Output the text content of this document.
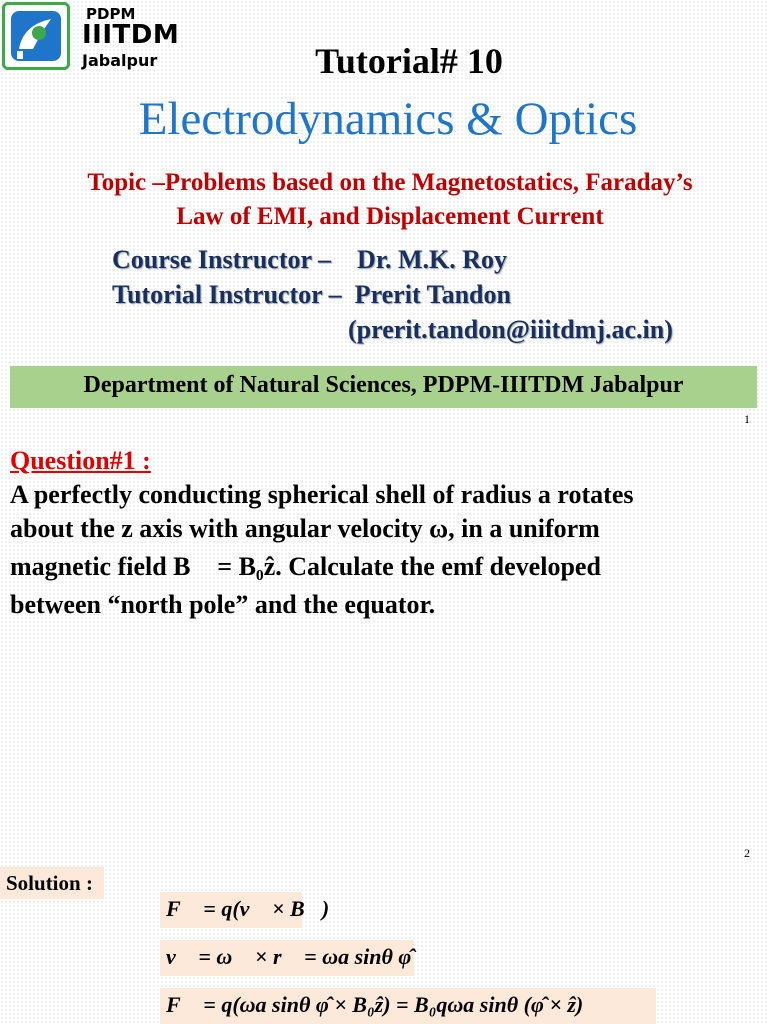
PDPM
IIITDM
Jabalpur	Tutorial# 10
Electrodynamics & Optics
Topic –Problems based on the Magnetostatics, Faraday’s
Law of EMI, and Displacement Current
Course Instructor –    Dr. M.K. Roy
Tutorial Instructor –  Prerit Tandon
(prerit.tandon@iiitdmj.ac.in)
Department of Natural Sciences, PDPM-IIITDM Jabalpur
1
Question#1 :
A perfectly conducting spherical shell of radius a rotates
about the z axis with angular velocity ω, in a uniform
magnetic field B⃗ = B₀ẑ. Calculate the emf developed
between “north pole” and the equator.
2
Solution :
F⃗ = q(v⃗ × B⃗)
v⃗ = ω⃗ × r⃗ = ωa sinθ φ̂
F⃗ = q(ωa sinθ φ̂ × B₀ẑ) = B₀qωa sinθ (φ̂ × ẑ)
